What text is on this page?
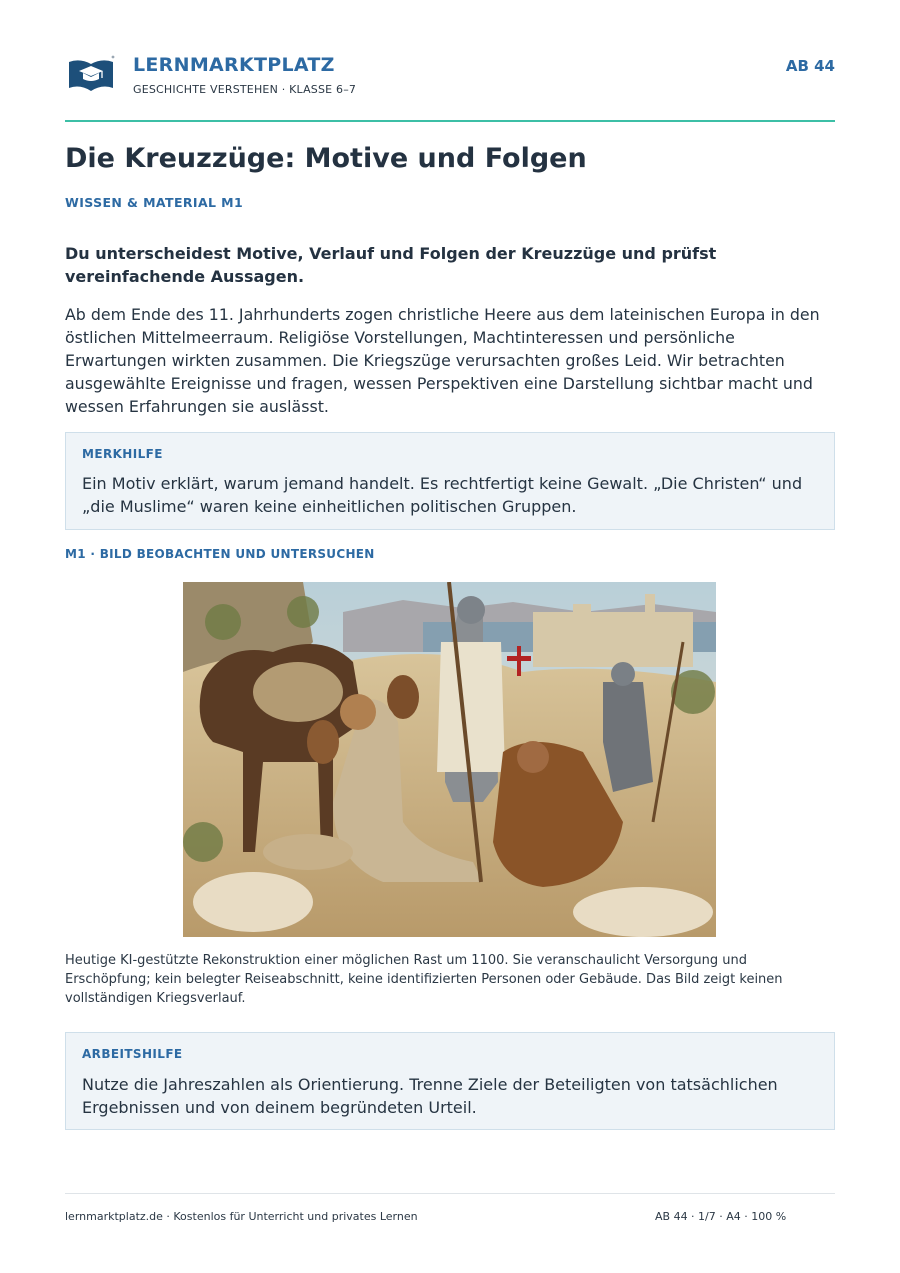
LERNMARKTPLATZ
GESCHICHTE VERSTEHEN · KLASSE 6–7
AB 44
Die Kreuzzüge: Motive und Folgen
WISSEN & MATERIAL M1

Du unterscheidest Motive, Verlauf und Folgen der Kreuzzüge und prüfst vereinfachende Aussagen.

Ab dem Ende des 11. Jahrhunderts zogen christliche Heere aus dem lateinischen Europa in den östlichen Mittelmeerraum. Religiöse Vorstellungen, Machtinteressen und persönliche Erwartungen wirkten zusammen. Die Kriegszüge verursachten großes Leid. Wir betrachten ausgewählte Ereignisse und fragen, wessen Perspektiven eine Darstellung sichtbar macht und wessen Erfahrungen sie auslässt.

MERKHILFE

Ein Motiv erklärt, warum jemand handelt. Es rechtfertigt keine Gewalt. „Die Christen“ und „die Muslime“ waren keine einheitlichen politischen Gruppen.

M1 · BILD BEOBACHTEN UND UNTERSUCHEN

Heutige KI-gestützte Rekonstruktion einer möglichen Rast um 1100. Sie veranschaulicht Versorgung und Erschöpfung; kein belegter Reiseabschnitt, keine identifizierten Personen oder Gebäude. Das Bild zeigt keinen vollständigen Kriegsverlauf.

ARBEITSHILFE

Nutze die Jahreszahlen als Orientierung. Trenne Ziele der Beteiligten von tatsächlichen Ergebnissen und von deinem begründeten Urteil.

lernmarktplatz.de · Kostenlos für Unterricht und privates Lernen	AB 44 · 1/7 · A4 · 100 %
